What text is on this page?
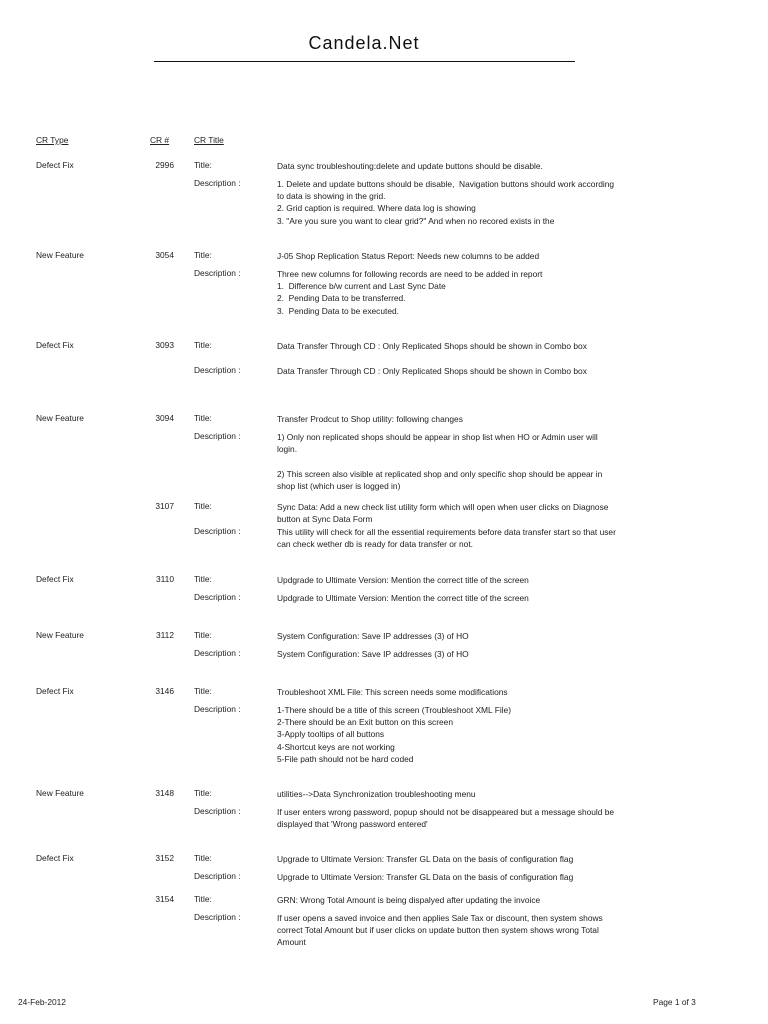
Candela.Net
CR Type	CR #	CR Title
Defect Fix	2996 Title:	Data sync troubleshouting:delete and update buttons should be disable.
Description :	1. Delete and update buttons should be disable,  Navigation buttons should work according to data is showing in the grid.
2. Grid caption is required. Where data log is showing
3. "Are you sure you want to clear grid?" And when no recored exists in the
New Feature	3054 Title:	J-05 Shop Replication Status Report: Needs new columns to be added
Description :	Three new columns for following records are need to be added in report
1.  Difference b/w current and Last Sync Date
2.  Pending Data to be transferred.
3.  Pending Data to be executed.
Defect Fix	3093 Title:	Data Transfer Through CD : Only Replicated Shops should be shown in Combo box
Description :	Data Transfer Through CD : Only Replicated Shops should be shown in Combo box
New Feature	3094 Title:	Transfer Prodcut to Shop utility: following changes
Description :	1) Only non replicated shops should be appear in shop list when HO or Admin user will login.

2) This screen also visible at replicated shop and only specific shop should be appear in shop list (which user is logged in)
3107 Title:	Sync Data: Add a new check list utility form which will open when user clicks on Diagnose button at Sync Data Form
Description :	This utility will check for all the essential requirements before data transfer start so that user can check wether db is ready for data transfer or not.
Defect Fix	3110 Title:	Updgrade to Ultimate Version: Mention the correct title of the screen
Description :	Updgrade to Ultimate Version: Mention the correct title of the screen
New Feature	3112 Title:	System Configuration: Save IP addresses (3) of HO
Description :	System Configuration: Save IP addresses (3) of HO
Defect Fix	3146 Title:	Troubleshoot XML File: This screen needs some modifications
Description :	1-There should be a title of this screen (Troubleshoot XML File)
2-There should be an Exit button on this screen
3-Apply tooltips of all buttons
4-Shortcut keys are not working
5-File path should not be hard coded
New Feature	3148 Title:	utilities-->Data Synchronization troubleshooting menu
Description :	If user enters wrong password, popup should not be disappeared but a message should be displayed that 'Wrong password entered'
Defect Fix	3152 Title:	Upgrade to Ultimate Version: Transfer GL Data on the basis of configuration flag
Description :	Upgrade to Ultimate Version: Transfer GL Data on the basis of configuration flag
3154 Title:	GRN: Wrong Total Amount is being dispalyed after updating the invoice
Description :	If user opens a saved invoice and then applies Sale Tax or discount, then system shows correct Total Amount but if user clicks on update button then system shows wrong Total Amount
24-Feb-2012	Page 1 of 3
